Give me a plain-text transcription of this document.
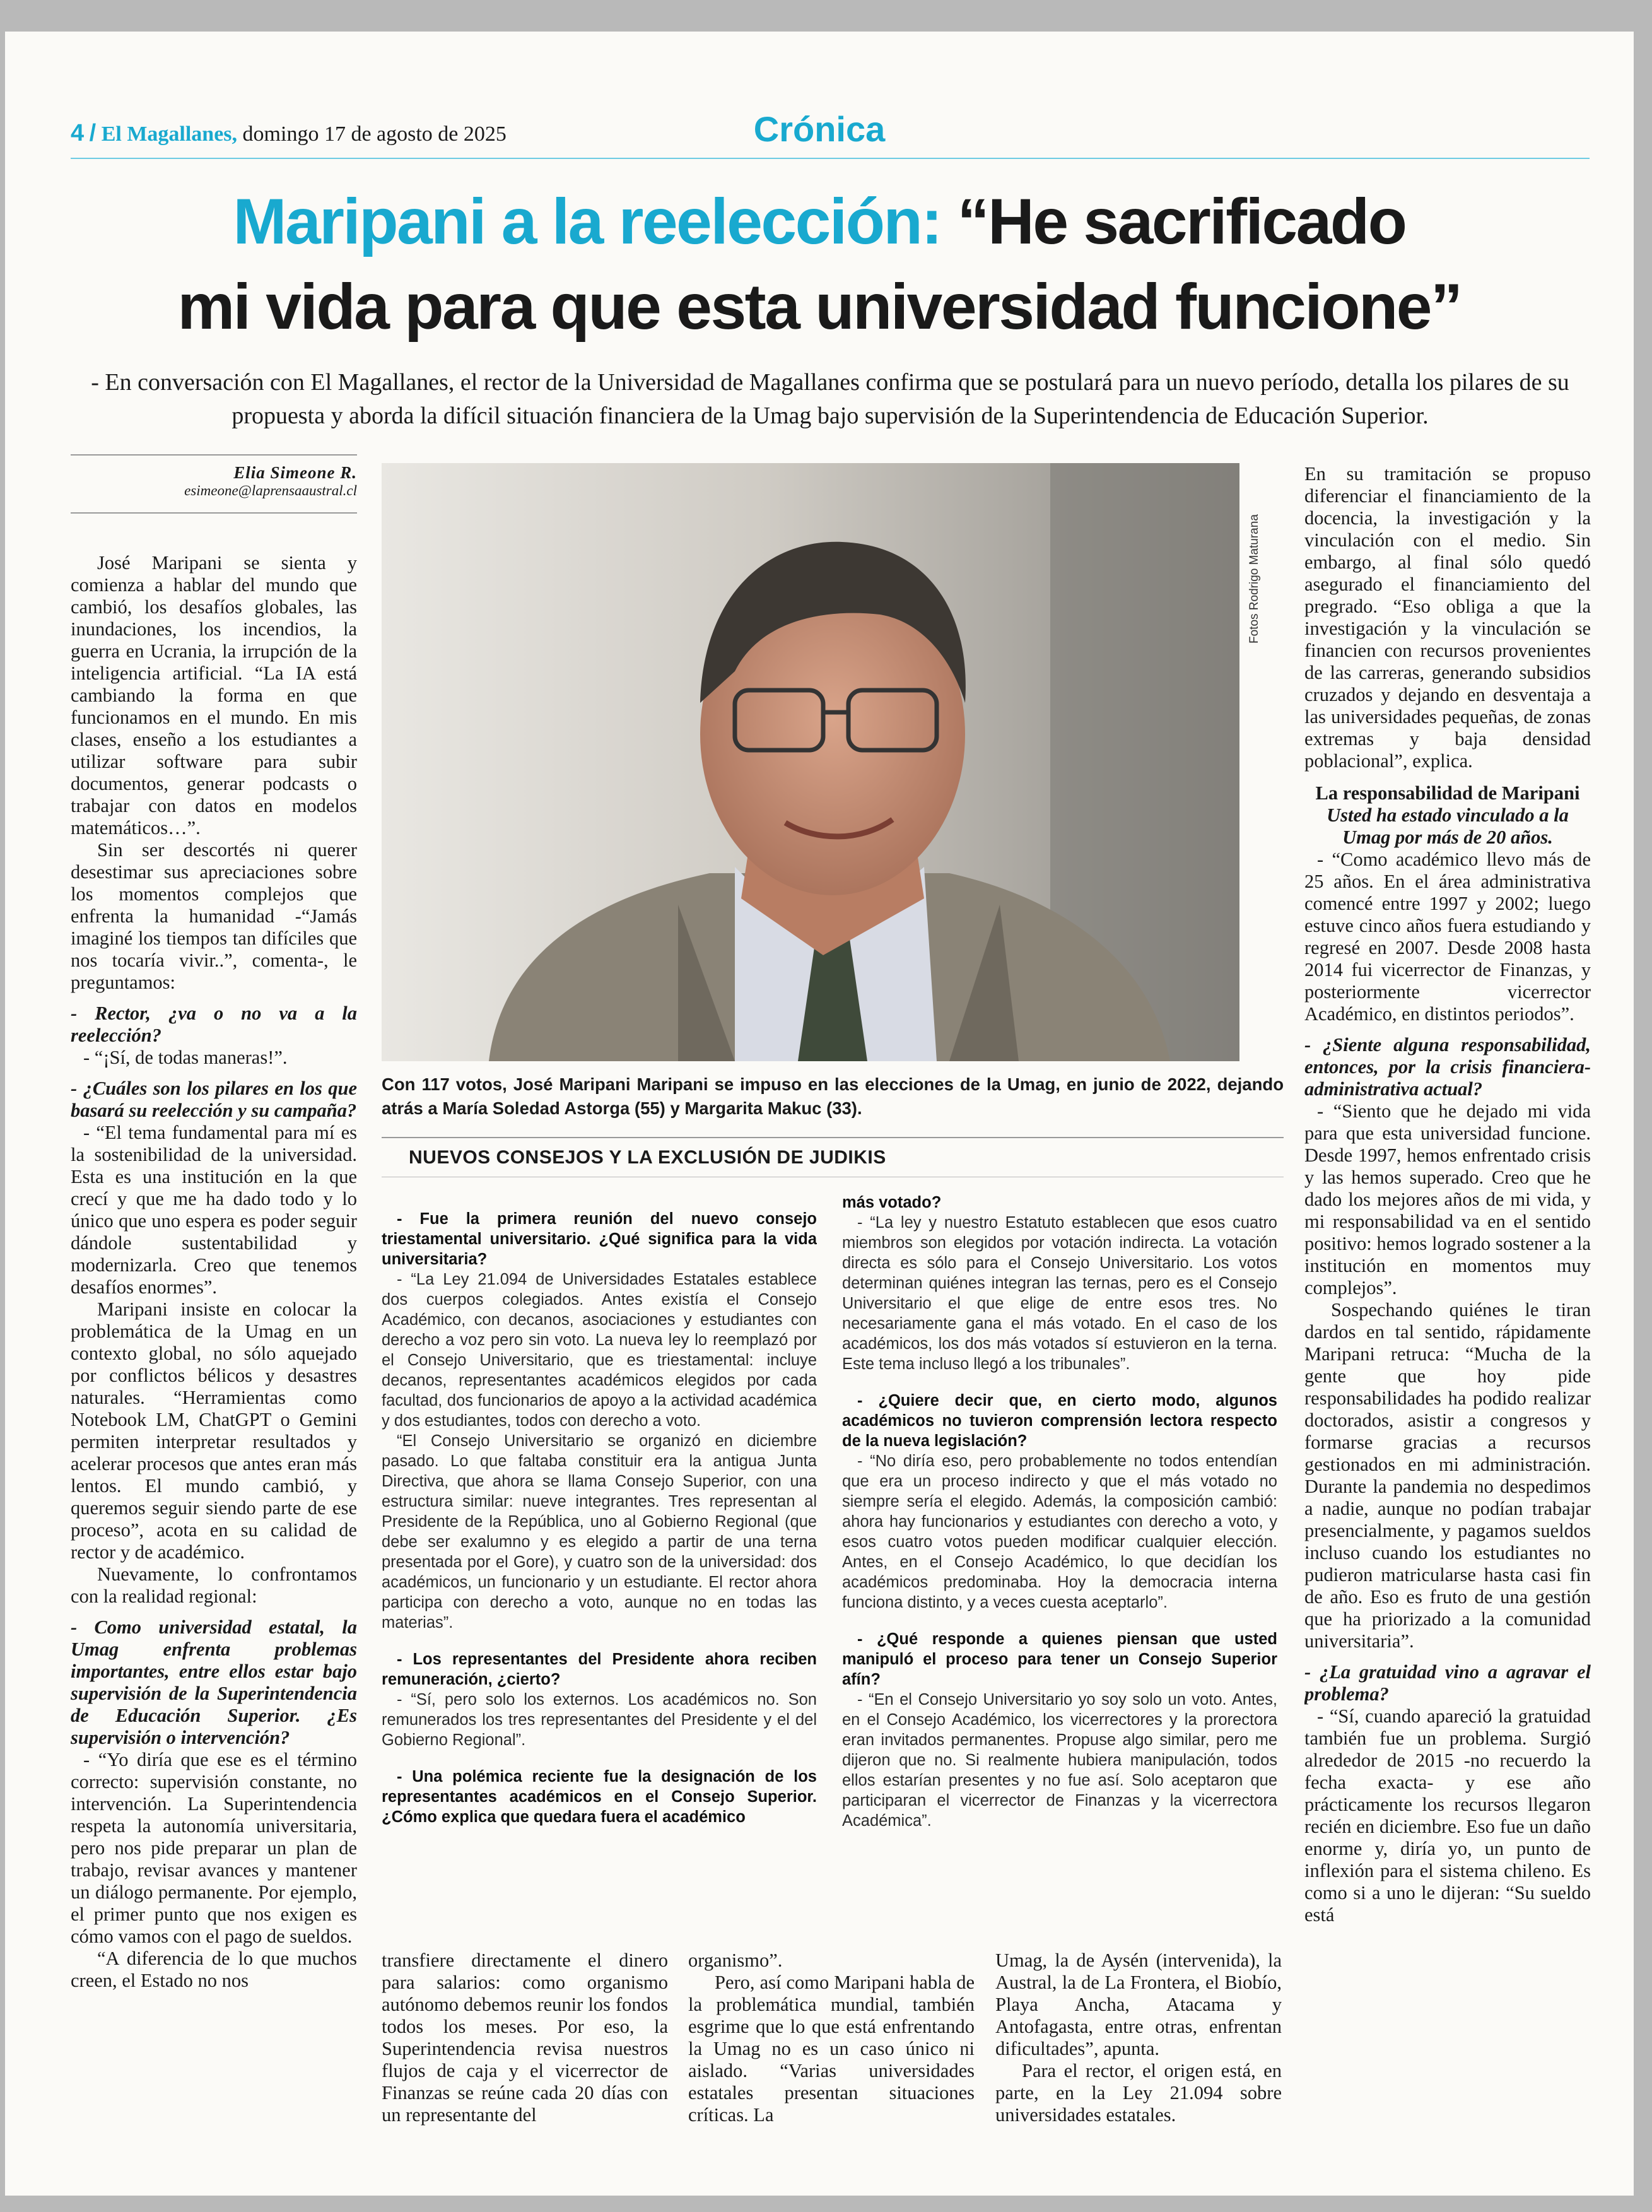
4 / El Magallanes, domingo 17 de agosto de 2025	Crónica
Maripani a la reelección: “He sacrificado
mi vida para que esta universidad funcione”
- En conversación con El Magallanes, el rector de la Universidad de Magallanes confirma que se postulará para un nuevo período, detalla los pilares de su propuesta y aborda la difícil situación financiera de la Umag bajo supervisión de la Superintendencia de Educación Superior.
Elia Simeone R.
esimeone@laprensaaustral.cl
Fotos Rodrigo Maturana
Con 117 votos, José Maripani Maripani se impuso en las elecciones de la Umag, en junio de 2022, dejando atrás a María Soledad Astorga (55) y Margarita Makuc (33).
NUEVOS CONSEJOS Y LA EXCLUSIÓN DE JUDIKIS

José Maripani se sienta y comienza a hablar del mundo que cambió, los desafíos globales, las inundaciones, los incendios, la guerra en Ucrania, la irrupción de la inteligencia artificial. “La IA está cambiando la forma en que funcionamos en el mundo. En mis clases, enseño a los estudiantes a utilizar software para subir documentos, generar podcasts o trabajar con datos en modelos matemáticos…”.

Sin ser descortés ni querer desestimar sus apreciaciones sobre los momentos complejos que enfrenta la humanidad -“Jamás imaginé los tiempos tan difíciles que nos tocaría vivir..”, comenta-, le preguntamos:

- Rector, ¿va o no va a la reelección?

- “¡Sí, de todas maneras!”.

- ¿Cuáles son los pilares en los que basará su reelección y su campaña?

- “El tema fundamental para mí es la sostenibilidad de la universidad. Esta es una institución en la que crecí y que me ha dado todo y lo único que uno espera es poder seguir dándole sustentabilidad y modernizarla. Creo que tenemos desafíos enormes”.

Maripani insiste en colocar la problemática de la Umag en un contexto global, no sólo aquejado por conflictos bélicos y desastres naturales. “Herramientas como Notebook LM, ChatGPT o Gemini permiten interpretar resultados y acelerar procesos que antes eran más lentos. El mundo cambió, y queremos seguir siendo parte de ese proceso”, acota en su calidad de rector y de académico.

Nuevamente, lo confrontamos con la realidad regional:

- Como universidad estatal, la Umag enfrenta problemas importantes, entre ellos estar bajo supervisión de la Superintendencia de Educación Superior. ¿Es supervisión o intervención?

- “Yo diría que ese es el término correcto: supervisión constante, no intervención. La Superintendencia respeta la autonomía universitaria, pero nos pide preparar un plan de trabajo, revisar avances y mantener un diálogo permanente. Por ejemplo, el primer punto que nos exigen es cómo vamos con el pago de sueldos.

“A diferencia de lo que muchos creen, el Estado no nos

- Fue la primera reunión del nuevo consejo triestamental universitario. ¿Qué significa para la vida universitaria?

- “La Ley 21.094 de Universidades Estatales establece dos cuerpos colegiados. Antes existía el Consejo Académico, con decanos, asociaciones y estudiantes con derecho a voz pero sin voto. La nueva ley lo reemplazó por el Consejo Universitario, que es triestamental: incluye decanos, representantes académicos elegidos por cada facultad, dos funcionarios de apoyo a la actividad académica y dos estudiantes, todos con derecho a voto.

“El Consejo Universitario se organizó en diciembre pasado. Lo que faltaba constituir era la antigua Junta Directiva, que ahora se llama Consejo Superior, con una estructura similar: nueve integrantes. Tres representan al Presidente de la República, uno al Gobierno Regional (que debe ser exalumno y es elegido a partir de una terna presentada por el Gore), y cuatro son de la universidad: dos académicos, un funcionario y un estudiante. El rector ahora participa con derecho a voto, aunque no en todas las materias”.

- Los representantes del Presidente ahora reciben remuneración, ¿cierto?

- “Sí, pero solo los externos. Los académicos no. Son remunerados los tres representantes del Presidente y el del Gobierno Regional”.

- Una polémica reciente fue la designación de los representantes académicos en el Consejo Superior. ¿Cómo explica que quedara fuera el académico

más votado?

- “La ley y nuestro Estatuto establecen que esos cuatro miembros son elegidos por votación indirecta. La votación directa es sólo para el Consejo Universitario. Los votos determinan quiénes integran las ternas, pero es el Consejo Universitario el que elige de entre esos tres. No necesariamente gana el más votado. En el caso de los académicos, los dos más votados sí estuvieron en la terna. Este tema incluso llegó a los tribunales”.

- ¿Quiere decir que, en cierto modo, algunos académicos no tuvieron comprensión lectora respecto de la nueva legislación?

- “No diría eso, pero probablemente no todos entendían que era un proceso indirecto y que el más votado no siempre sería el elegido. Además, la composición cambió: ahora hay funcionarios y estudiantes con derecho a voto, y esos cuatro votos pueden modificar cualquier elección. Antes, en el Consejo Académico, lo que decidían los académicos predominaba. Hoy la democracia interna funciona distinto, y a veces cuesta aceptarlo”.

- ¿Qué responde a quienes piensan que usted manipuló el proceso para tener un Consejo Superior afín?

- “En el Consejo Universitario yo soy solo un voto. Antes, en el Consejo Académico, los vicerrectores y la prorectora eran invitados permanentes. Propuse algo similar, pero me dijeron que no. Si realmente hubiera manipulación, todos ellos estarían presentes y no fue así. Solo aceptaron que participaran el vicerrector de Finanzas y la vicerrectora Académica”.

transfiere directamente el dinero para salarios: como organismo autónomo debemos reunir los fondos todos los meses. Por eso, la Superintendencia revisa nuestros flujos de caja y el vicerrector de Finanzas se reúne cada 20 días con un representante del

organismo”.

Pero, así como Maripani habla de la problemática mundial, también esgrime que lo que está enfrentando la Umag no es un caso único ni aislado. “Varias universidades estatales presentan situaciones críticas. La

Umag, la de Aysén (intervenida), la Austral, la de La Frontera, el Biobío, Playa Ancha, Atacama y Antofagasta, entre otras, enfrentan dificultades”, apunta.

Para el rector, el origen está, en parte, en la Ley 21.094 sobre universidades estatales.

En su tramitación se propuso diferenciar el financiamiento de la docencia, la investigación y la vinculación con el medio. Sin embargo, al final sólo quedó asegurado el financiamiento del pregrado. “Eso obliga a que la investigación y la vinculación se financien con recursos provenientes de las carreras, generando subsidios cruzados y dejando en desventaja a las universidades pequeñas, de zonas extremas y baja densidad poblacional”, explica.

La responsabilidad de Maripani

Usted ha estado vinculado a la Umag por más de 20 años.

- “Como académico llevo más de 25 años. En el área administrativa comencé entre 1997 y 2002; luego estuve cinco años fuera estudiando y regresé en 2007. Desde 2008 hasta 2014 fui vicerrector de Finanzas, y posteriormente vicerrector Académico, en distintos periodos”.

- ¿Siente alguna responsabilidad, entonces, por la crisis financiera-administrativa actual?

- “Siento que he dejado mi vida para que esta universidad funcione. Desde 1997, hemos enfrentado crisis y las hemos superado. Creo que he dado los mejores años de mi vida, y mi responsabilidad va en el sentido positivo: hemos logrado sostener a la institución en momentos muy complejos”.

Sospechando quiénes le tiran dardos en tal sentido, rápidamente Maripani retruca: “Mucha de la gente que hoy pide responsabilidades ha podido realizar doctorados, asistir a congresos y formarse gracias a recursos gestionados en mi administración. Durante la pandemia no despedimos a nadie, aunque no podían trabajar presencialmente, y pagamos sueldos incluso cuando los estudiantes no pudieron matricularse hasta casi fin de año. Eso es fruto de una gestión que ha priorizado a la comunidad universitaria”.

- ¿La gratuidad vino a agravar el problema?

- “Sí, cuando apareció la gratuidad también fue un problema. Surgió alrededor de 2015 -no recuerdo la fecha exacta- y ese año prácticamente los recursos llegaron recién en diciembre. Eso fue un daño enorme y, diría yo, un punto de inflexión para el sistema chileno. Es como si a uno le dijeran: “Su sueldo está
